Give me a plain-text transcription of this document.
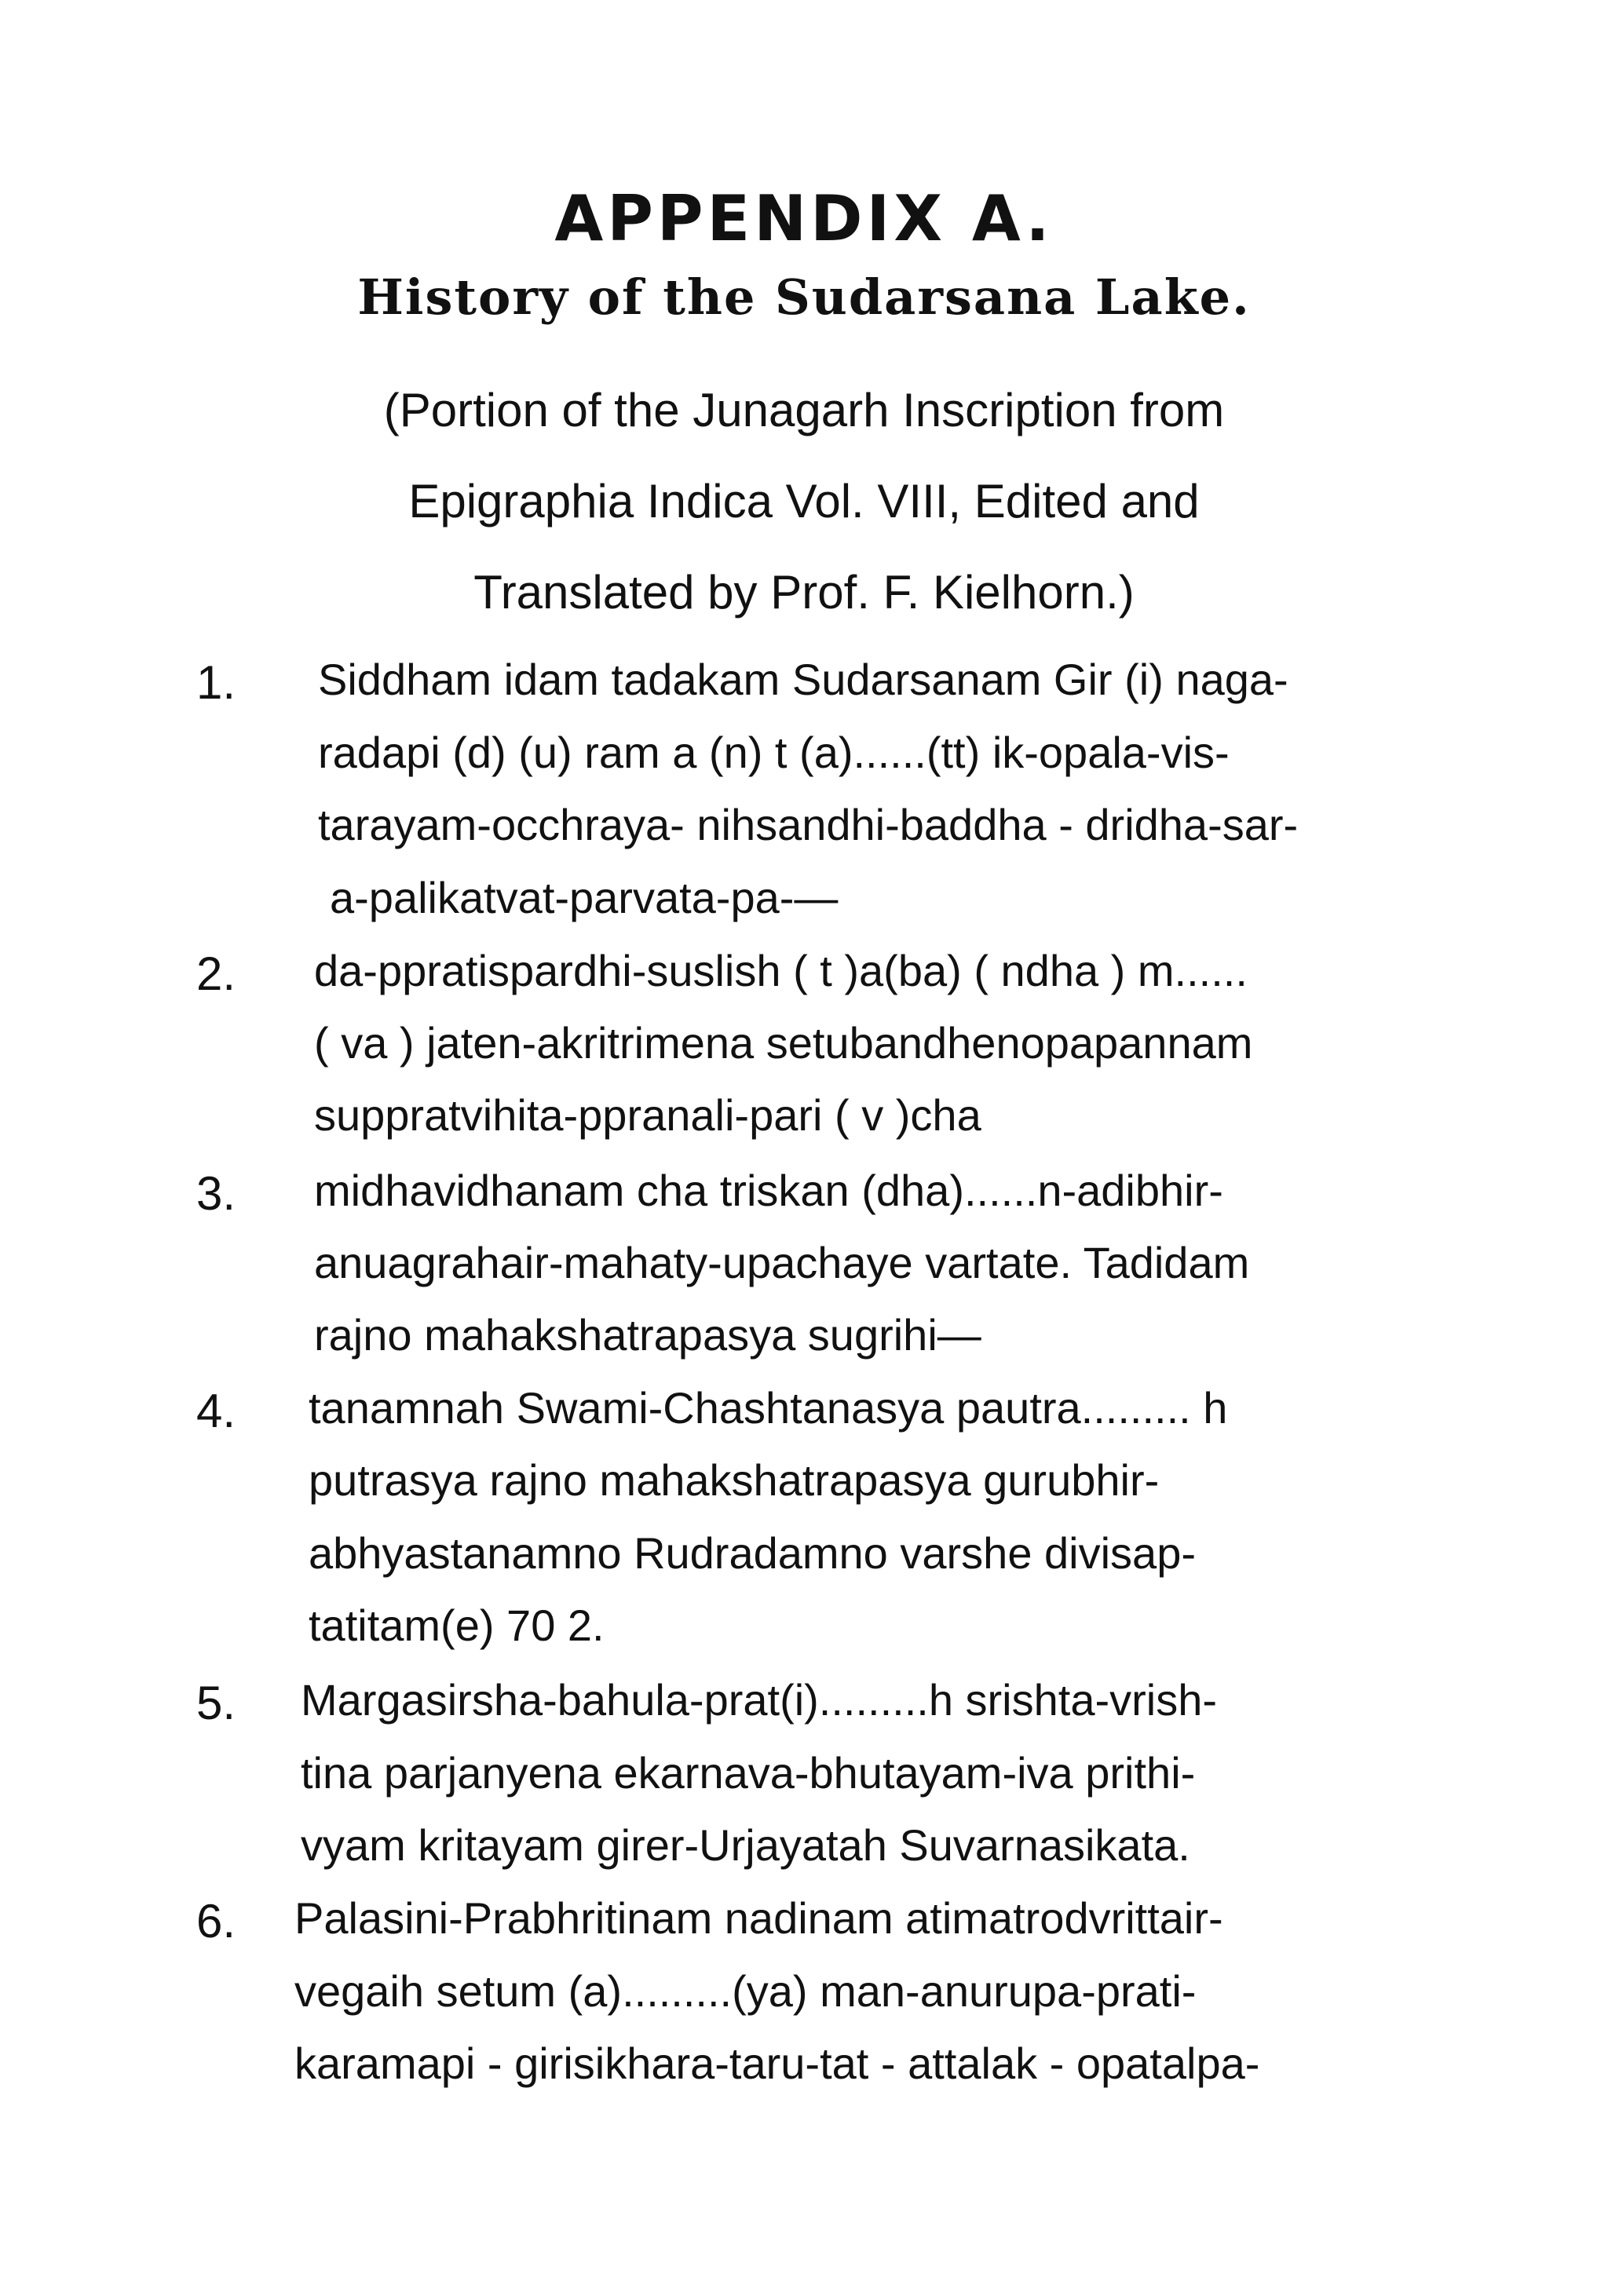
APPENDIX A.
History of the Sudarsana Lake.
(Portion of the Junagarh Inscription from
Epigraphia Indica Vol. VIII, Edited and
Translated by Prof. F. Kielhorn.)
1. Siddham idam tadakam Sudarsanam Gir (i) naga-
radapi (d) (u) ram a (n) t (a)......(tt) ik-opala-vis-
tarayam-occhraya- nihsandhi-baddha - dridha-sar-
a-palikatvat-parvata-pa-—
2. da-ppratispardhi-suslish ( t )a(ba) ( ndha ) m......
( va ) jaten-akritrimena setubandhenopapannam
suppratvihita-ppranali-pari ( v )cha
3. midhavidhanam cha triskan (dha)......n-adibhir-
anuagrahair-mahaty-upachaye vartate. Tadidam
rajno mahakshatrapasya sugrihi—
4. tanamnah Swami-Chashtanasya pautra......... h
putrasya rajno mahakshatrapasya gurubhir-
abhyastanamno Rudradamno varshe divisap-
tatitam(e) 70 2.
5. Margasirsha-bahula-prat(i).........h srishta-vrish-
tina parjanyena ekarnava-bhutayam-iva prithi-
vyam kritayam girer-Urjayatah Suvarnasikata.
6. Palasini-Prabhritinam nadinam atimatrodvrittair-
vegaih setum (a).........(ya) man-anurupa-prati-
karamapi - girisikhara-taru-tat - attalak - opatalpa-
